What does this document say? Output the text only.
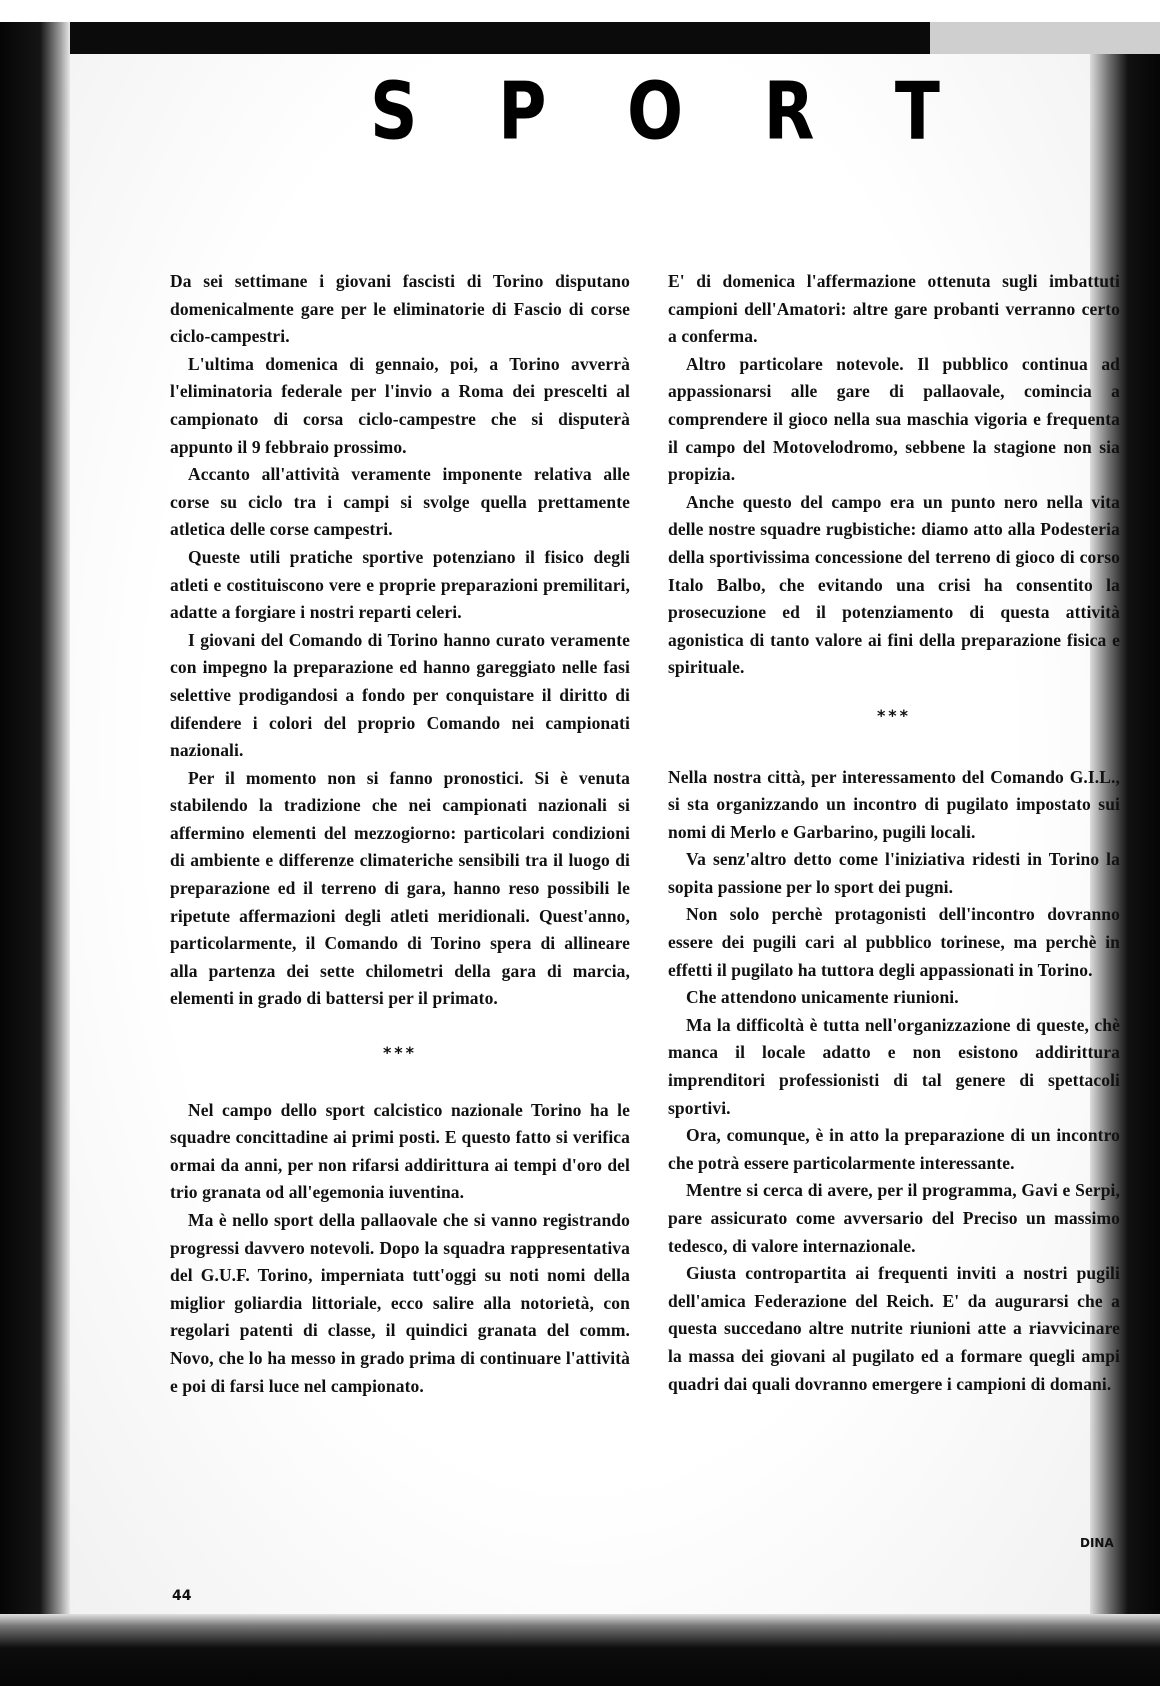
S P O R T

Da sei settimane i giovani fascisti di Torino disputano domenicalmente gare per le eliminatorie di Fascio di corse ciclo-campestri.

L'ultima domenica di gennaio, poi, a Torino avverrà l'eliminatoria federale per l'invio a Roma dei prescelti al campionato di corsa ciclo-campestre che si disputerà appunto il 9 febbraio prossimo.

Accanto all'attività veramente imponente relativa alle corse su ciclo tra i campi si svolge quella prettamente atletica delle corse campestri.

Queste utili pratiche sportive potenziano il fisico degli atleti e costituiscono vere e proprie preparazioni premilitari, adatte a forgiare i nostri reparti celeri.

I giovani del Comando di Torino hanno curato veramente con impegno la preparazione ed hanno gareggiato nelle fasi selettive prodigandosi a fondo per conquistare il diritto di difendere i colori del proprio Comando nei campionati nazionali.

Per il momento non si fanno pronostici. Si è venuta stabilendo la tradizione che nei campionati nazionali si affermino elementi del mezzogiorno: particolari condizioni di ambiente e differenze climateriche sensibili tra il luogo di preparazione ed il terreno di gara, hanno reso possibili le ripetute affermazioni degli atleti meridionali. Quest'anno, particolarmente, il Comando di Torino spera di allineare alla partenza dei sette chilometri della gara di marcia, elementi in grado di battersi per il primato.

***

Nel campo dello sport calcistico nazionale Torino ha le squadre concittadine ai primi posti. E questo fatto si verifica ormai da anni, per non rifarsi addirittura ai tempi d'oro del trio granata od all'egemonia iuventina.

Ma è nello sport della pallaovale che si vanno registrando progressi davvero notevoli. Dopo la squadra rappresentativa del G.U.F. Torino, imperniata tutt'oggi su noti nomi della miglior goliardia littoriale, ecco salire alla notorietà, con regolari patenti di classe, il quindici granata del comm. Novo, che lo ha messo in grado prima di continuare l'attività e poi di farsi luce nel campionato.

E' di domenica l'affermazione ottenuta sugli imbattuti campioni dell'Amatori: altre gare probanti verranno certo a conferma.

Altro particolare notevole. Il pubblico continua ad appassionarsi alle gare di pallaovale, comincia a comprendere il gioco nella sua maschia vigoria e frequenta il campo del Motovelodromo, sebbene la stagione non sia propizia.

Anche questo del campo era un punto nero nella vita delle nostre squadre rugbistiche: diamo atto alla Podesteria della sportivissima concessione del terreno di gioco di corso Italo Balbo, che evitando una crisi ha consentito la prosecuzione ed il potenziamento di questa attività agonistica di tanto valore ai fini della preparazione fisica e spirituale.

***

Nella nostra città, per interessamento del Comando G.I.L., si sta organizzando un incontro di pugilato impostato sui nomi di Merlo e Garbarino, pugili locali.

Va senz'altro detto come l'iniziativa ridesti in Torino la sopita passione per lo sport dei pugni.

Non solo perchè protagonisti dell'incontro dovranno essere dei pugili cari al pubblico torinese, ma perchè in effetti il pugilato ha tuttora degli appassionati in Torino.

Che attendono unicamente riunioni.

Ma la difficoltà è tutta nell'organizzazione di queste, chè manca il locale adatto e non esistono addirittura imprenditori professionisti di tal genere di spettacoli sportivi.

Ora, comunque, è in atto la preparazione di un incontro che potrà essere particolarmente interessante.

Mentre si cerca di avere, per il programma, Gavi e Serpi, pare assicurato come avversario del Preciso un massimo tedesco, di valore internazionale.

Giusta contropartita ai frequenti inviti a nostri pugili dell'amica Federazione del Reich. E' da augurarsi che a questa succedano altre nutrite riunioni atte a riavvicinare la massa dei giovani al pugilato ed a formare quegli ampi quadri dai quali dovranno emergere i campioni di domani.

DINA
44
